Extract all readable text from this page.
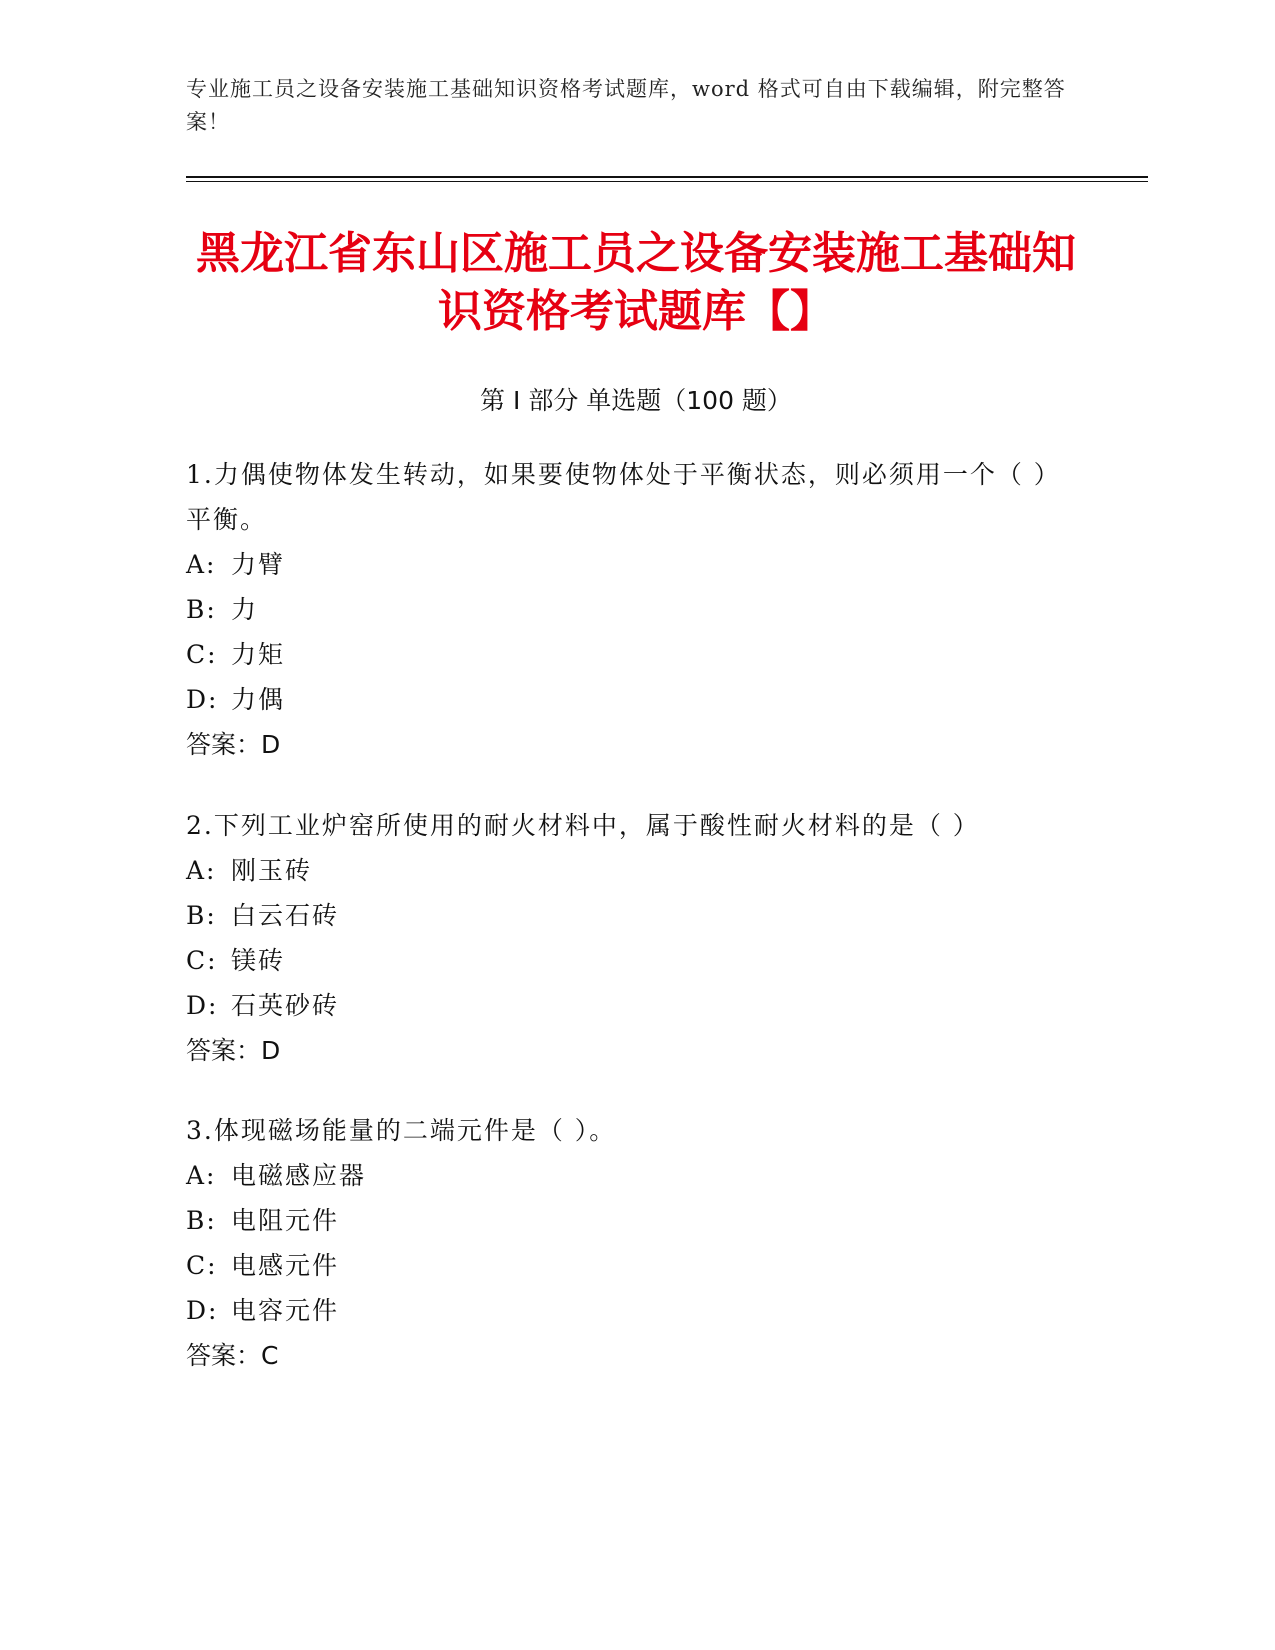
专业施工员之设备安装施工基础知识资格考试题库，word 格式可自由下载编辑，附完整答案！
黑龙江省东山区施工员之设备安装施工基础知识资格考试题库【】
第 I 部分 单选题（100 题）

1.力偶使物体发生转动，如果要使物体处于平衡状态，则必须用一个（ ）平衡。

A: 力臂

B: 力

C: 力矩

D: 力偶

答案：D

2.下列工业炉窑所使用的耐火材料中，属于酸性耐火材料的是（ ）

A: 刚玉砖

B: 白云石砖

C: 镁砖

D: 石英砂砖

答案：D

3.体现磁场能量的二端元件是（ ）。

A: 电磁感应器

B: 电阻元件

C: 电感元件

D: 电容元件

答案：C
